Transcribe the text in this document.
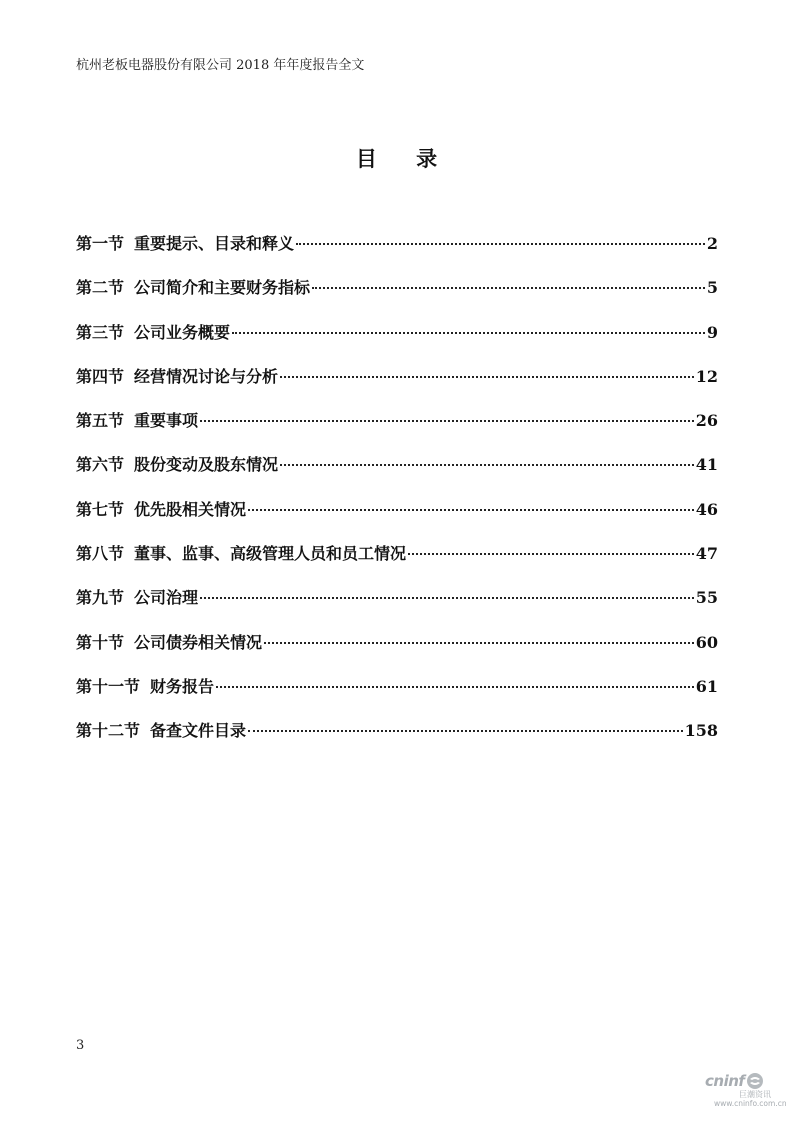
杭州老板电器股份有限公司 2018 年年度报告全文
目 录
第一节 重要提示、目录和释义	2
第二节 公司简介和主要财务指标	5
第三节 公司业务概要	9
第四节 经营情况讨论与分析	12
第五节 重要事项	26
第六节 股份变动及股东情况	41
第七节 优先股相关情况	46
第八节 董事、监事、高级管理人员和员工情况	47
第九节 公司治理	55
第十节 公司债券相关情况	60
第十一节 财务报告	61
第十二节 备查文件目录	158
3
cninf
巨潮资讯
www.cninfo.com.cn
